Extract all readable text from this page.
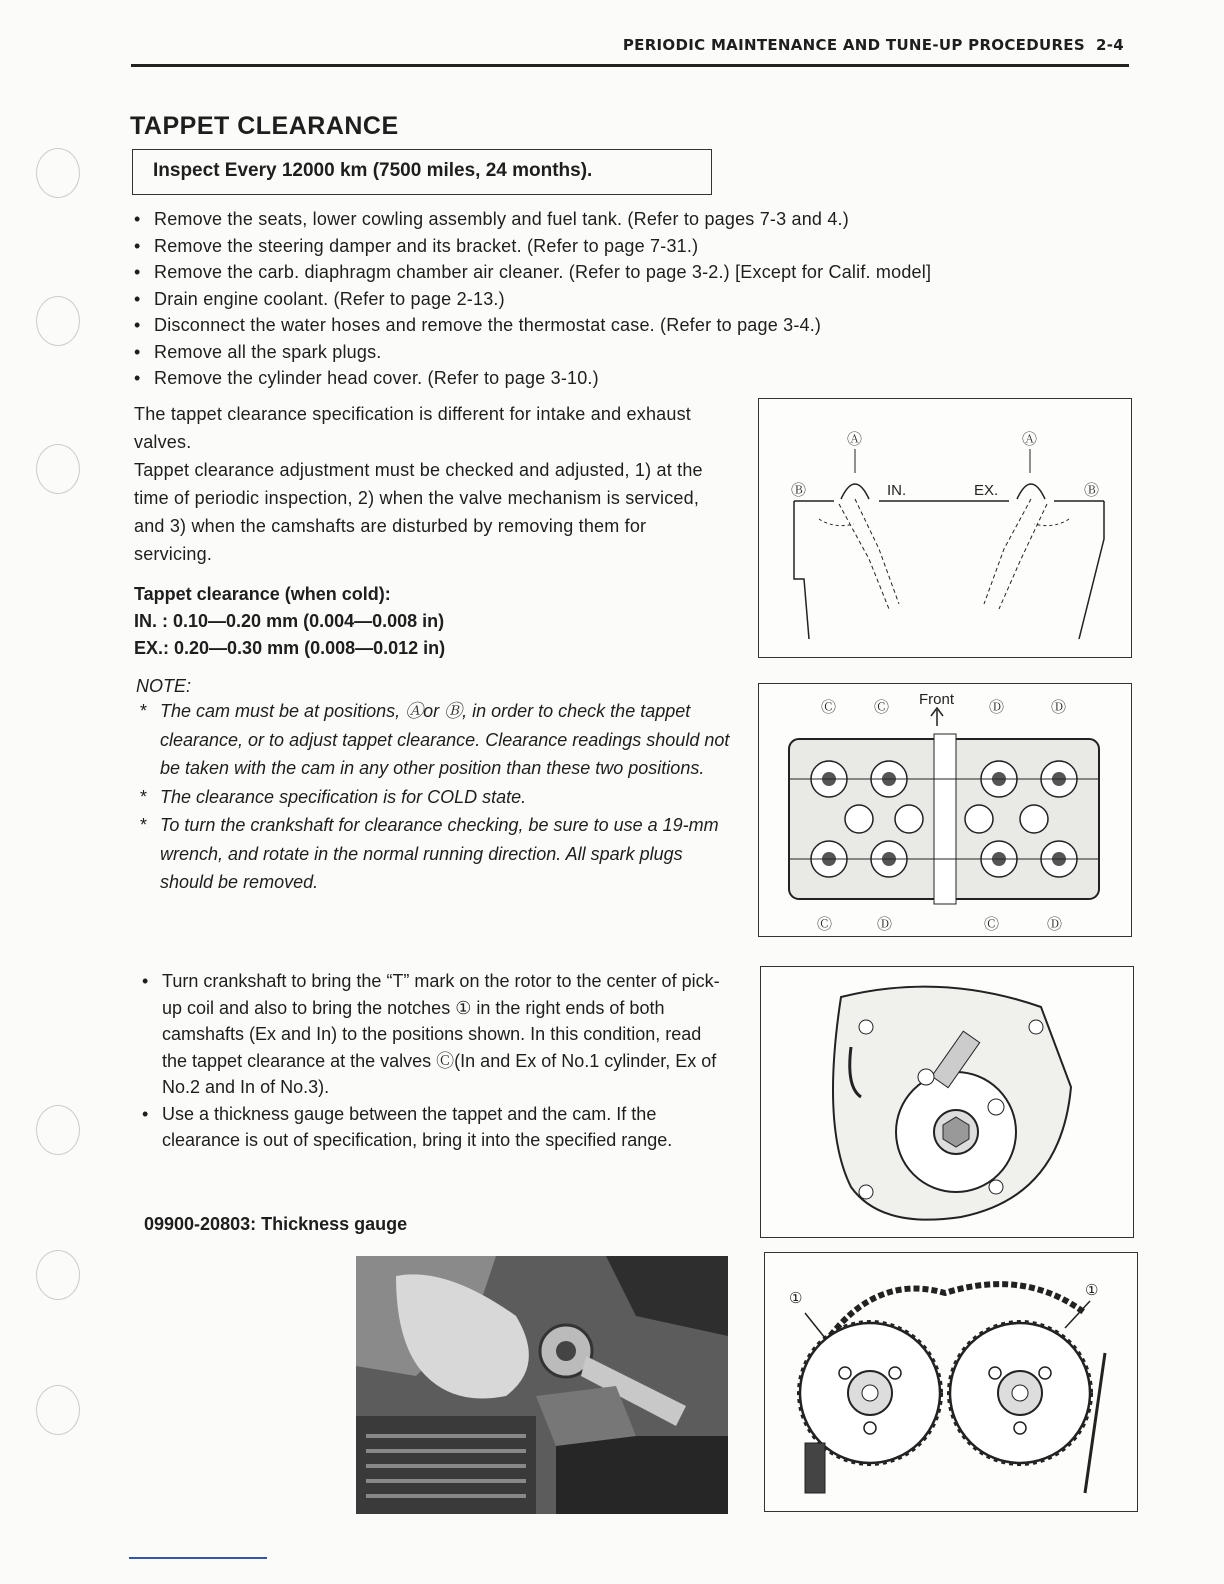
PERIODIC MAINTENANCE AND TUNE-UP PROCEDURES 2-4
TAPPET CLEARANCE
Inspect Every 12000 km (7500 miles, 24 months).
• Remove the seats, lower cowling assembly and fuel tank. (Refer to pages 7-3 and 4.)
• Remove the steering damper and its bracket. (Refer to page 7-31.)
• Remove the carb. diaphragm chamber air cleaner. (Refer to page 3-2.) [Except for Calif. model]
• Drain engine coolant. (Refer to page 2-13.)
• Disconnect the water hoses and remove the thermostat case. (Refer to page 3-4.)
• Remove all the spark plugs.
• Remove the cylinder head cover. (Refer to page 3-10.)

The tappet clearance specification is different for intake and exhaust valves.

Tappet clearance adjustment must be checked and adjusted, 1) at the time of periodic inspection, 2) when the valve mechanism is serviced, and 3) when the camshafts are disturbed by removing them for servicing.

Tappet clearance (when cold):
IN. : 0.10—0.20 mm (0.004—0.008 in)
EX.: 0.20—0.30 mm (0.008—0.012 in)
NOTE:
* The cam must be at positions, Ⓐor Ⓑ, in order to check the tappet clearance, or to adjust tappet clearance. Clearance readings should not be taken with the cam in any other position than these two positions.
* The clearance specification is for COLD state.
* To turn the crankshaft for clearance checking, be sure to use a 19-mm wrench, and rotate in the normal running direction. All spark plugs should be removed.
• Turn crankshaft to bring the “T” mark on the rotor to the center of pick-up coil and also to bring the notches ① in the right ends of both camshafts (Ex and In) to the positions shown. In this condition, read the tappet clearance at the valves Ⓒ(In and Ex of No.1 cylinder, Ex of No.2 and In of No.3).
• Use a thickness gauge between the tappet and the cam. If the clearance is out of specification, bring it into the specified range.
09900-20803: Thickness gauge
Ⓐ	Ⓐ
Ⓑ	Ⓑ
IN.	EX.
Front
Ⓒ	Ⓒ	Ⓓ	Ⓓ
Ⓒ	Ⓓ	Ⓒ	Ⓓ
①	①
